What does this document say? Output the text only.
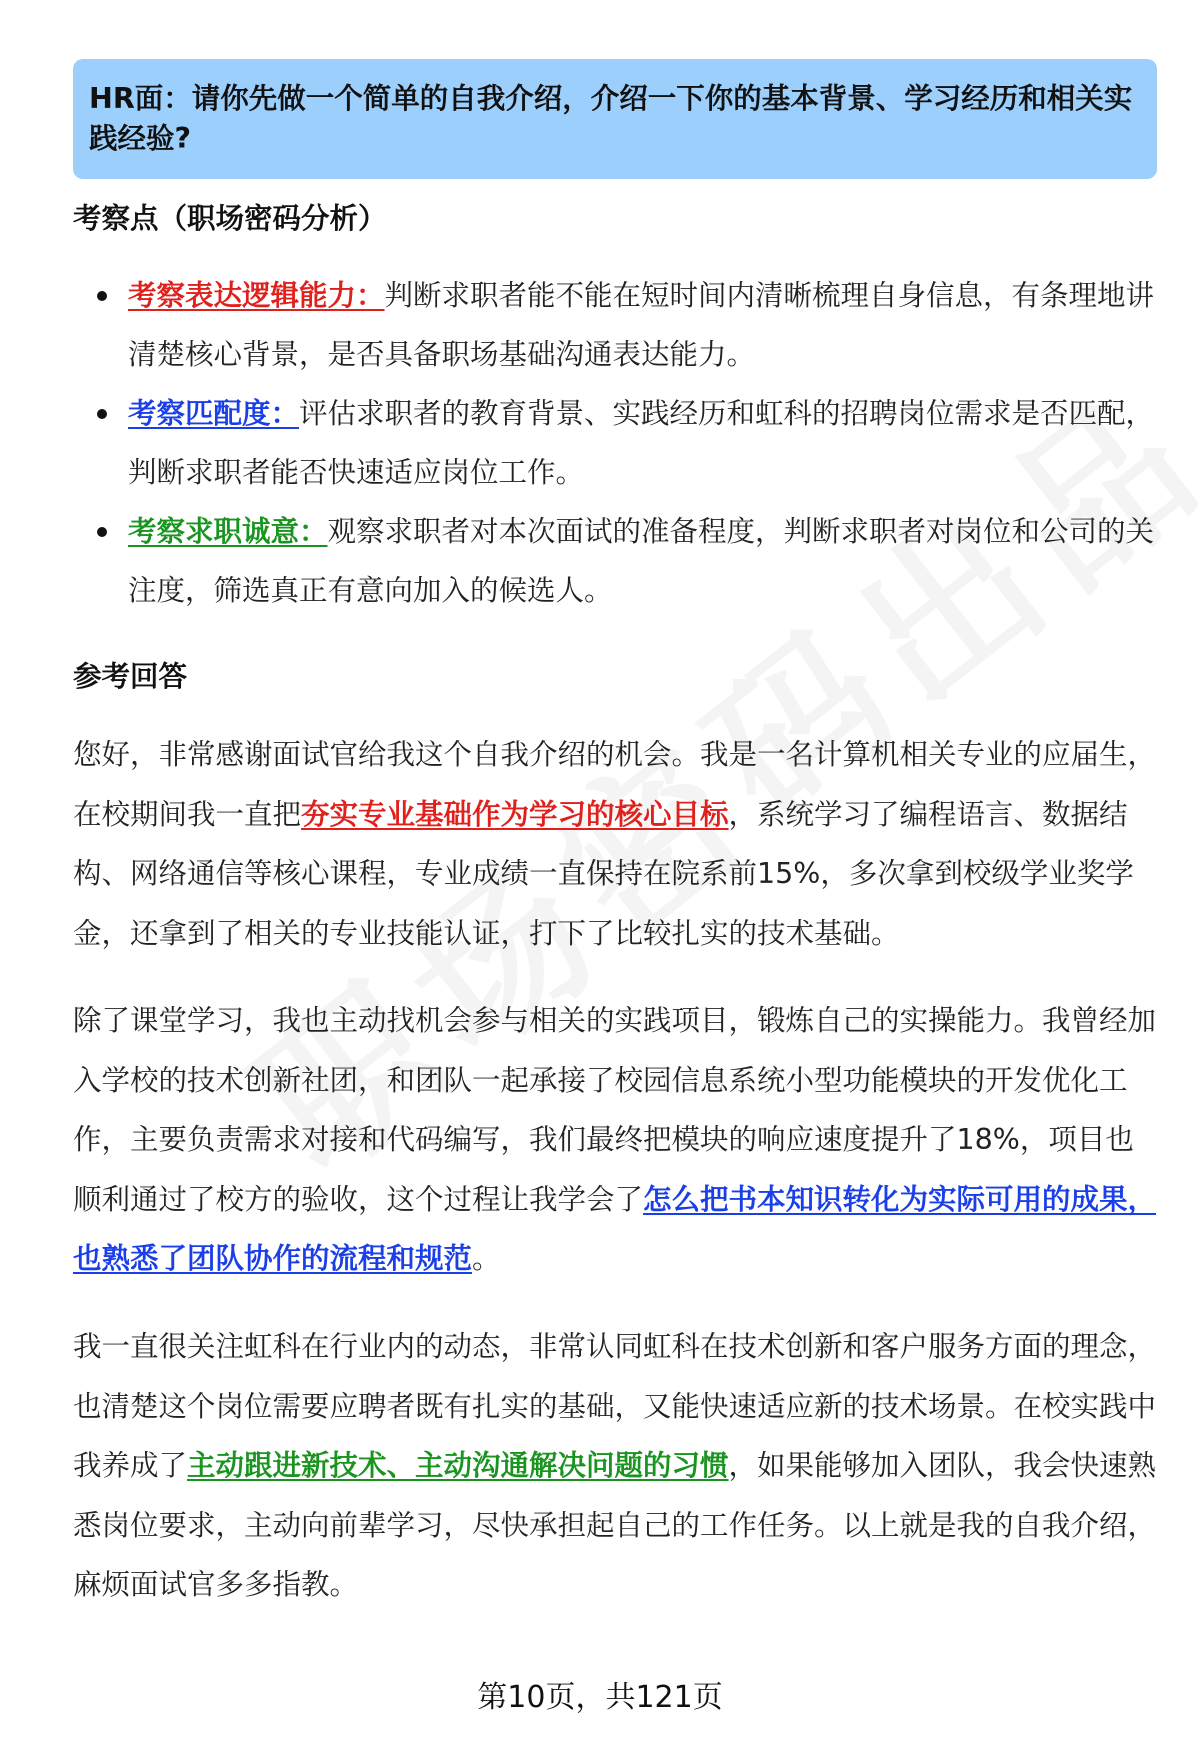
HR面：请你先做一个简单的自我介绍，介绍一下你的基本背景、学习经历和相关实践经验?
考察点（职场密码分析）
考察表达逻辑能力：判断求职者能不能在短时间内清晰梳理自身信息，有条理地讲清楚核心背景，是否具备职场基础沟通表达能力。
考察匹配度：评估求职者的教育背景、实践经历和虹科的招聘岗位需求是否匹配，判断求职者能否快速适应岗位工作。
考察求职诚意：观察求职者对本次面试的准备程度，判断求职者对岗位和公司的关注度，筛选真正有意向加入的候选人。
参考回答

您好，非常感谢面试官给我这个自我介绍的机会。我是一名计算机相关专业的应届生，在校期间我一直把夯实专业基础作为学习的核心目标，系统学习了编程语言、数据结构、网络通信等核心课程，专业成绩一直保持在院系前15%，多次拿到校级学业奖学金，还拿到了相关的专业技能认证，打下了比较扎实的技术基础。

除了课堂学习，我也主动找机会参与相关的实践项目，锻炼自己的实操能力。我曾经加入学校的技术创新社团，和团队一起承接了校园信息系统小型功能模块的开发优化工作，主要负责需求对接和代码编写，我们最终把模块的响应速度提升了18%，项目也顺利通过了校方的验收，这个过程让我学会了怎么把书本知识转化为实际可用的成果，也熟悉了团队协作的流程和规范。

我一直很关注虹科在行业内的动态，非常认同虹科在技术创新和客户服务方面的理念，也清楚这个岗位需要应聘者既有扎实的基础，又能快速适应新的技术场景。在校实践中我养成了主动跟进新技术、主动沟通解决问题的习惯，如果能够加入团队，我会快速熟悉岗位要求，主动向前辈学习，尽快承担起自己的工作任务。以上就是我的自我介绍，麻烦面试官多多指教。

第10页，共121页
